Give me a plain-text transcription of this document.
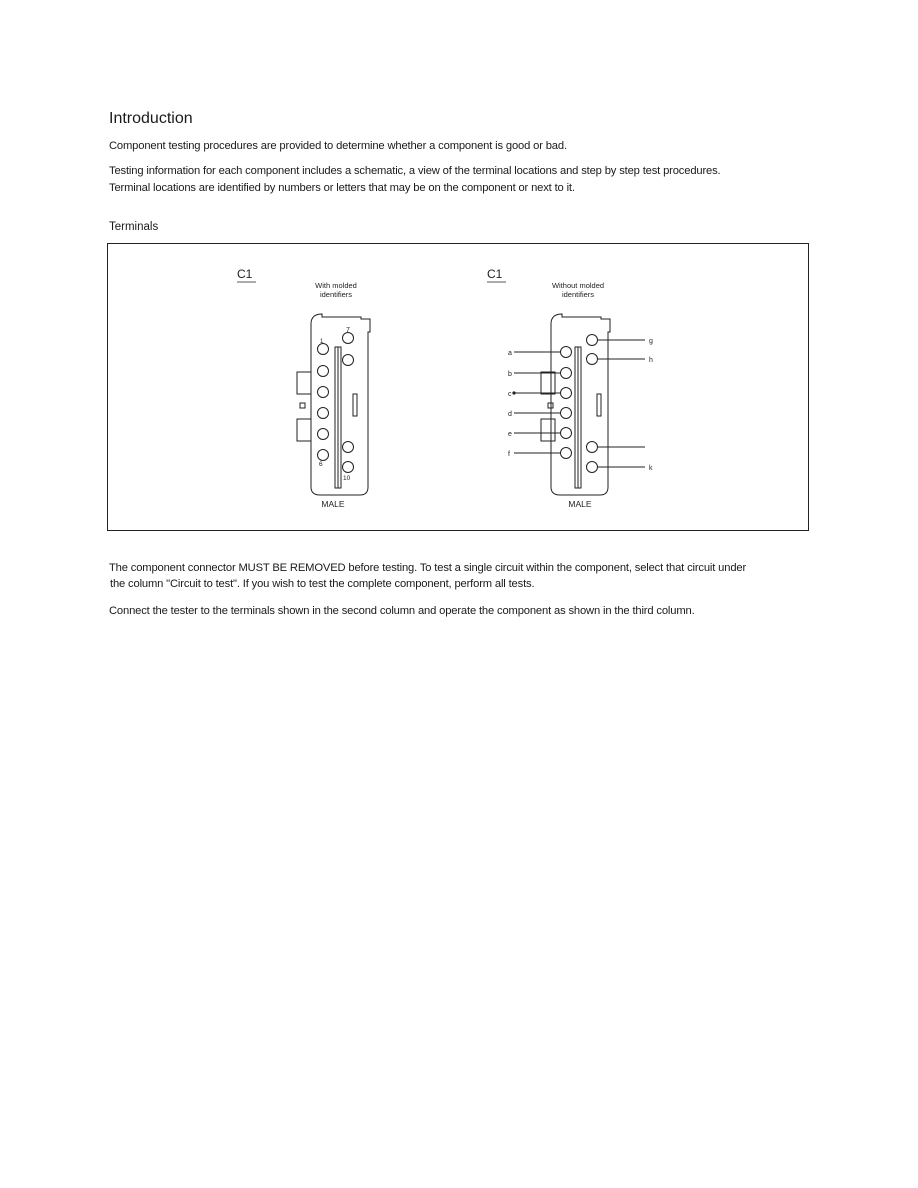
Introduction
Component testing procedures are provided to determine whether a component is good or bad.
Testing information for each component includes a schematic, a view of the terminal locations and step by step test procedures.
Terminal locations are identified by numbers or letters that may be on the component or next to it.
Terminals
C1
With molded
identifiers
1
7
6
10
MALE
C1
Without molded
identifiers
a
b
c
d
e
f
g
h
k
MALE
The component connector MUST BE REMOVED before testing. To test a single circuit within the component, select that circuit under
the column "Circuit to test". If you wish to test the complete component, perform all tests.
Connect the tester to the terminals shown in the second column and operate the component as shown in the third column.
